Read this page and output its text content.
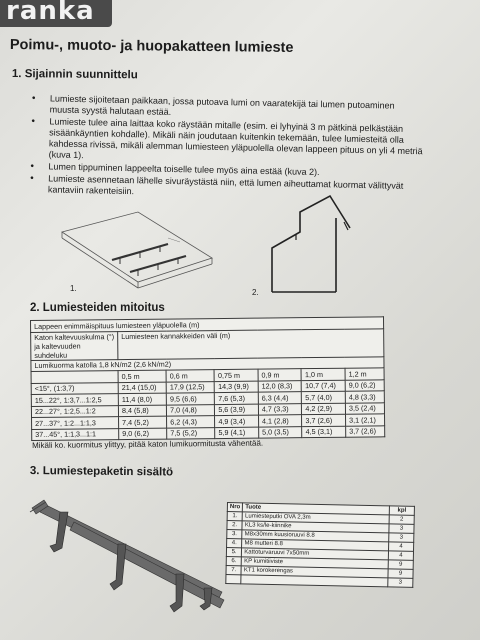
ranka
Poimu-, muoto- ja huopakatteen lumieste
1. Sijainnin suunnittelu
• Lumieste sijoitetaan paikkaan, jossa putoava lumi on vaaratekijä tai lumen putoaminen muusta syystä halutaan estää.
• Lumieste tulee aina laittaa koko räystään mitalle (esim. ei lyhyinä 3 m pätkinä pelkästään sisäänkäyntien kohdalle). Mikäli näin joudutaan kuitenkin tekemään, tulee lumiesteitä olla kahdessa rivissä, mikäli alemman lumiesteen yläpuolella olevan lappeen pituus on yli 4 metriä (kuva 1).
• Lumen tippuminen lappeelta toiselle tulee myös aina estää (kuva 2).
• Lumieste asennetaan lähelle sivuräystästä niin, että lumen aiheuttamat kuormat välittyvät kantaviin rakenteisiin.
1.	2.
2. Lumiesteiden mitoitus
Lappeen enimmäispituus lumiesteen yläpuolella (m)						
Katon kaltevuuskulma (°) ja kaltevuuden suhdeluku	Lumiesteen kannakkeiden väli (m)					
Lumikuorma katolla 1,8 kN/m2 (2,6 kN/m2)						
	0,5 m	0,6 m	0,75 m	0,9 m	1,0 m	1,2 m
<15°, (1:3,7)	21,4 (15,0)	17,9 (12,5)	14,3 (9,9)	12,0 (8,3)	10,7 (7,4)	9,0 (6,2)
15...22°, 1:3,7...1:2,5	11,4 (8,0)	9,5 (6,6)	7,6 (5,3)	6,3 (4,4)	5,7 (4,0)	4,8 (3,3)
22...27°, 1:2,5...1:2	8,4 (5,8)	7,0 (4,8)	5,6 (3,9)	4,7 (3,3)	4,2 (2,9)	3,5 (2,4)
27...37°, 1:2...1:1,3	7,4 (5,2)	6,2 (4,3)	4,9 (3,4)	4,1 (2,8)	3,7 (2,6)	3,1 (2,1)
37...45°, 1:1,3...1:1	9,0 (6,2)	7,5 (5,2)	5,9 (4,1)	5,0 (3,5)	4,5 (3,1)	3,7 (2,6)
Mikäli ko. kuormitus ylittyy, pitää katon lumikuormitusta vähentää.
3. Lumiestepaketin sisältö
Nro	Tuote	kpl
1.	Lumiesteputki OVA 2,3m	2
2.	KL3 ks/le-kiinnike	3
3.	M8x30mm kuusioruuvi 8.8	3
4.	M8 mutteri 8.8	4
5.	Kattoturvaruuvi 7x50mm	4
6.	KP kumitiiviste	9
7.	KT1 korokerengas	9
		3
